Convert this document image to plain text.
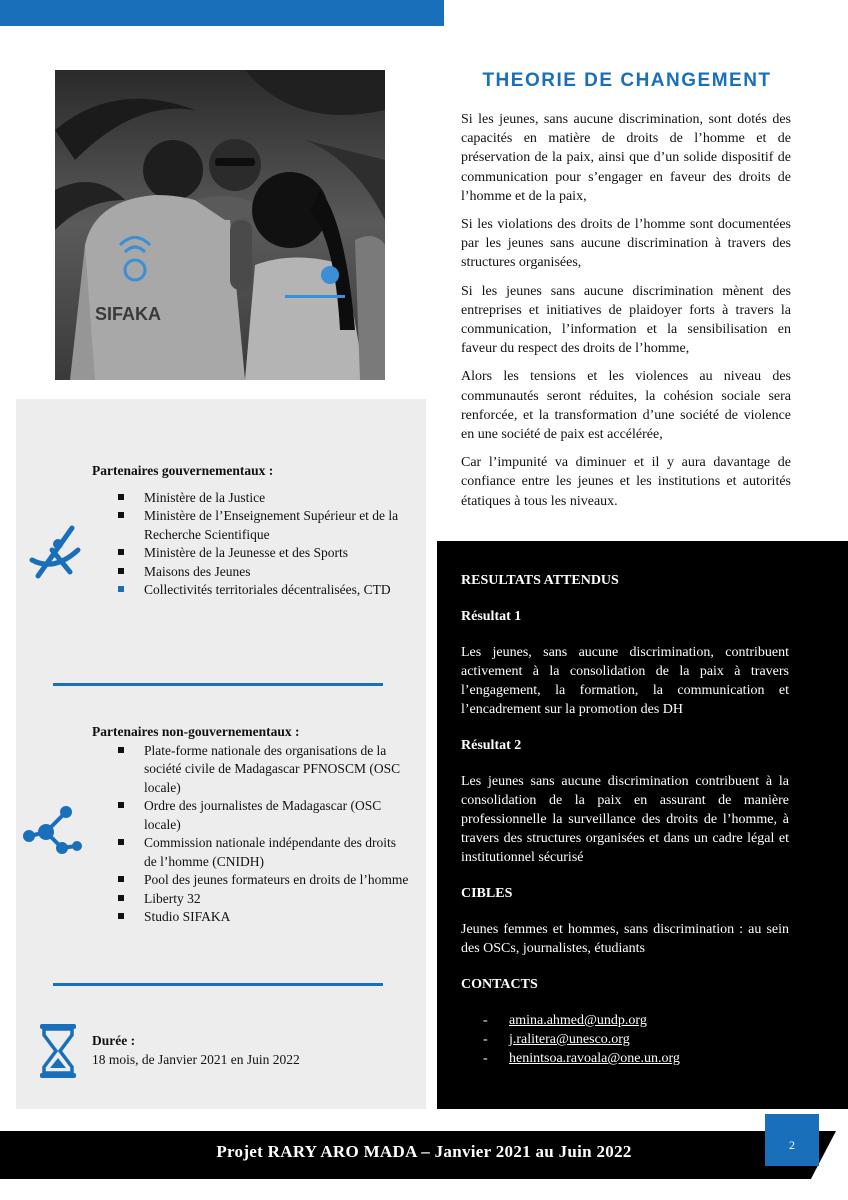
SIFAKA
THEORIE DE CHANGEMENT

Si les jeunes, sans aucune discrimination, sont dotés des capacités en matière de droits de l’homme et de préservation de la paix, ainsi que d’un solide dispositif de communication pour s’engager en faveur des droits de l’homme et de la paix,

Si les violations des droits de l’homme sont documentées par les jeunes sans aucune discrimination à travers des structures organisées,

Si les jeunes sans aucune discrimination mènent des entreprises et initiatives de plaidoyer forts à travers la communication, l’information et la sensibilisation en faveur du respect des droits de l’homme,

Alors les tensions et les violences au niveau des communautés seront réduites, la cohésion sociale sera renforcée, et la transformation d’une société de violence en une société de paix est accélérée,

Car l’impunité va diminuer et il y aura davantage de confiance entre les jeunes et les institutions et autorités étatiques à tous les niveaux.

Partenaires gouvernementaux :
Ministère de la Justice
Ministère de l’Enseignement Supérieur et de la Recherche Scientifique
Ministère de la Jeunesse et des Sports
Maisons des Jeunes
Collectivités territoriales décentralisées, CTD
Partenaires non-gouvernementaux :
Plate-forme nationale des organisations de la société civile de Madagascar PFNOSCM (OSC locale)
Ordre des journalistes de Madagascar (OSC locale)
Commission nationale indépendante des droits de l’homme (CNIDH)
Pool des jeunes formateurs en droits de l’homme
Liberty 32
Studio SIFAKA
Durée :
18 mois, de Janvier 2021 en Juin 2022
RESULTATS ATTENDUS
Résultat 1

Les jeunes, sans aucune discrimination, contribuent activement à la consolidation de la paix à travers l’engagement, la formation, la communication et l’encadrement sur la promotion des DH

Résultat 2

Les jeunes sans aucune discrimination contribuent à la consolidation de la paix en assurant de manière professionnelle la surveillance des droits de l’homme, à travers des structures organisées et dans un cadre légal et institutionnel sécurisé

CIBLES

Jeunes femmes et hommes, sans discrimination : au sein des OSCs, journalistes, étudiants

CONTACTS
- amina.ahmed@undp.org
- j.ralitera@unesco.org
- henintsoa.ravoala@one.un.org
Projet RARY ARO MADA – Janvier 2021 au Juin 2022	2
